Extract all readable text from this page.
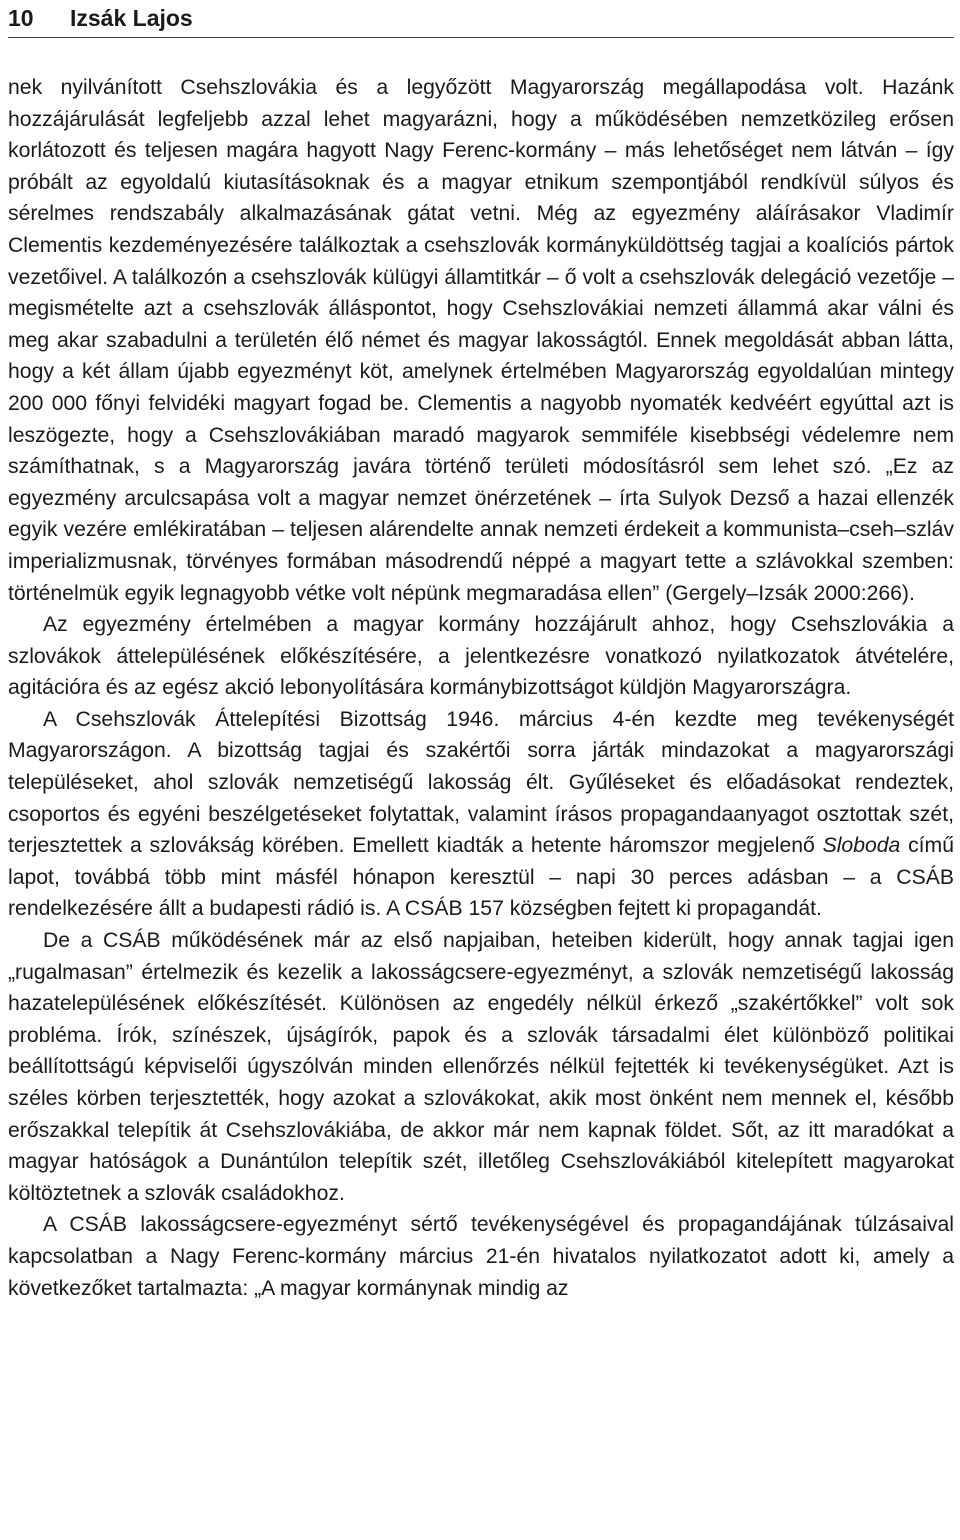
10	Izsák Lajos

nek nyilvánított Csehszlovákia és a legyőzött Magyarország megállapodása volt. Hazánk hozzájárulását legfeljebb azzal lehet magyarázni, hogy a működésében nemzetközileg erősen korlátozott és teljesen magára hagyott Nagy Ferenc-kormány – más lehetőséget nem látván – így próbált az egyoldalú kiutasításoknak és a magyar etnikum szempontjából rendkívül súlyos és sérelmes rendszabály alkalmazásának gátat vetni. Még az egyezmény aláírásakor Vladimír Clementis kezdeményezésére találkoztak a csehszlovák kormányküldöttség tagjai a koalíciós pártok vezetőivel. A találkozón a csehszlovák külügyi államtitkár – ő volt a csehszlovák delegáció vezetője – megismételte azt a csehszlovák álláspontot, hogy Csehszlovákiai nemzeti állammá akar válni és meg akar szabadulni a területén élő német és magyar lakosságtól. Ennek megoldását abban látta, hogy a két állam újabb egyezményt köt, amelynek értelmében Magyarország egyoldalúan mintegy 200 000 főnyi felvidéki magyart fogad be. Clementis a nagyobb nyomaték kedvéért egyúttal azt is leszögezte, hogy a Csehszlovákiában maradó magyarok semmiféle kisebbségi védelemre nem számíthatnak, s a Magyarország javára történő területi módosításról sem lehet szó. „Ez az egyezmény arculcsapása volt a magyar nemzet önérzetének – írta Sulyok Dezső a hazai ellenzék egyik vezére emlékiratában – teljesen alárendelte annak nemzeti érdekeit a kommunista–cseh–szláv imperializmusnak, törvényes formában másodrendű néppé a magyart tette a szlávokkal szemben: történelmük egyik legnagyobb vétke volt népünk megmaradása ellen” (Gergely–Izsák 2000:266).

Az egyezmény értelmében a magyar kormány hozzájárult ahhoz, hogy Csehszlovákia a szlovákok áttelepülésének előkészítésére, a jelentkezésre vonatkozó nyilatkozatok átvételére, agitációra és az egész akció lebonyolítására kormánybizottságot küldjön Magyarországra.

A Csehszlovák Áttelepítési Bizottság 1946. március 4-én kezdte meg tevékenységét Magyarországon. A bizottság tagjai és szakértői sorra járták mindazokat a magyarországi településeket, ahol szlovák nemzetiségű lakosság élt. Gyűléseket és előadásokat rendeztek, csoportos és egyéni beszélgetéseket folytattak, valamint írásos propagandaanyagot osztottak szét, terjesztettek a szlovákság körében. Emellett kiadták a hetente háromszor megjelenő Sloboda című lapot, továbbá több mint másfél hónapon keresztül – napi 30 perces adásban – a CSÁB rendelkezésére állt a budapesti rádió is. A CSÁB 157 községben fejtett ki propagandát.

De a CSÁB működésének már az első napjaiban, heteiben kiderült, hogy annak tagjai igen „rugalmasan” értelmezik és kezelik a lakosságcsere-egyezményt, a szlovák nemzetiségű lakosság hazatelepülésének előkészítését. Különösen az engedély nélkül érkező „szakértőkkel” volt sok probléma. Írók, színészek, újságírók, papok és a szlovák társadalmi élet különböző politikai beállítottságú képviselői úgyszólván minden ellenőrzés nélkül fejtették ki tevékenységüket. Azt is széles körben terjesztették, hogy azokat a szlovákokat, akik most önként nem mennek el, később erőszakkal telepítik át Csehszlovákiába, de akkor már nem kapnak földet. Sőt, az itt maradókat a magyar hatóságok a Dunántúlon telepítik szét, illetőleg Csehszlovákiából kitelepített magyarokat költöztetnek a szlovák családokhoz.

A CSÁB lakosságcsere-egyezményt sértő tevékenységével és propagandájának túlzásaival kapcsolatban a Nagy Ferenc-kormány március 21-én hivatalos nyilatkozatot adott ki, amely a következőket tartalmazta: „A magyar kormánynak mindig az
